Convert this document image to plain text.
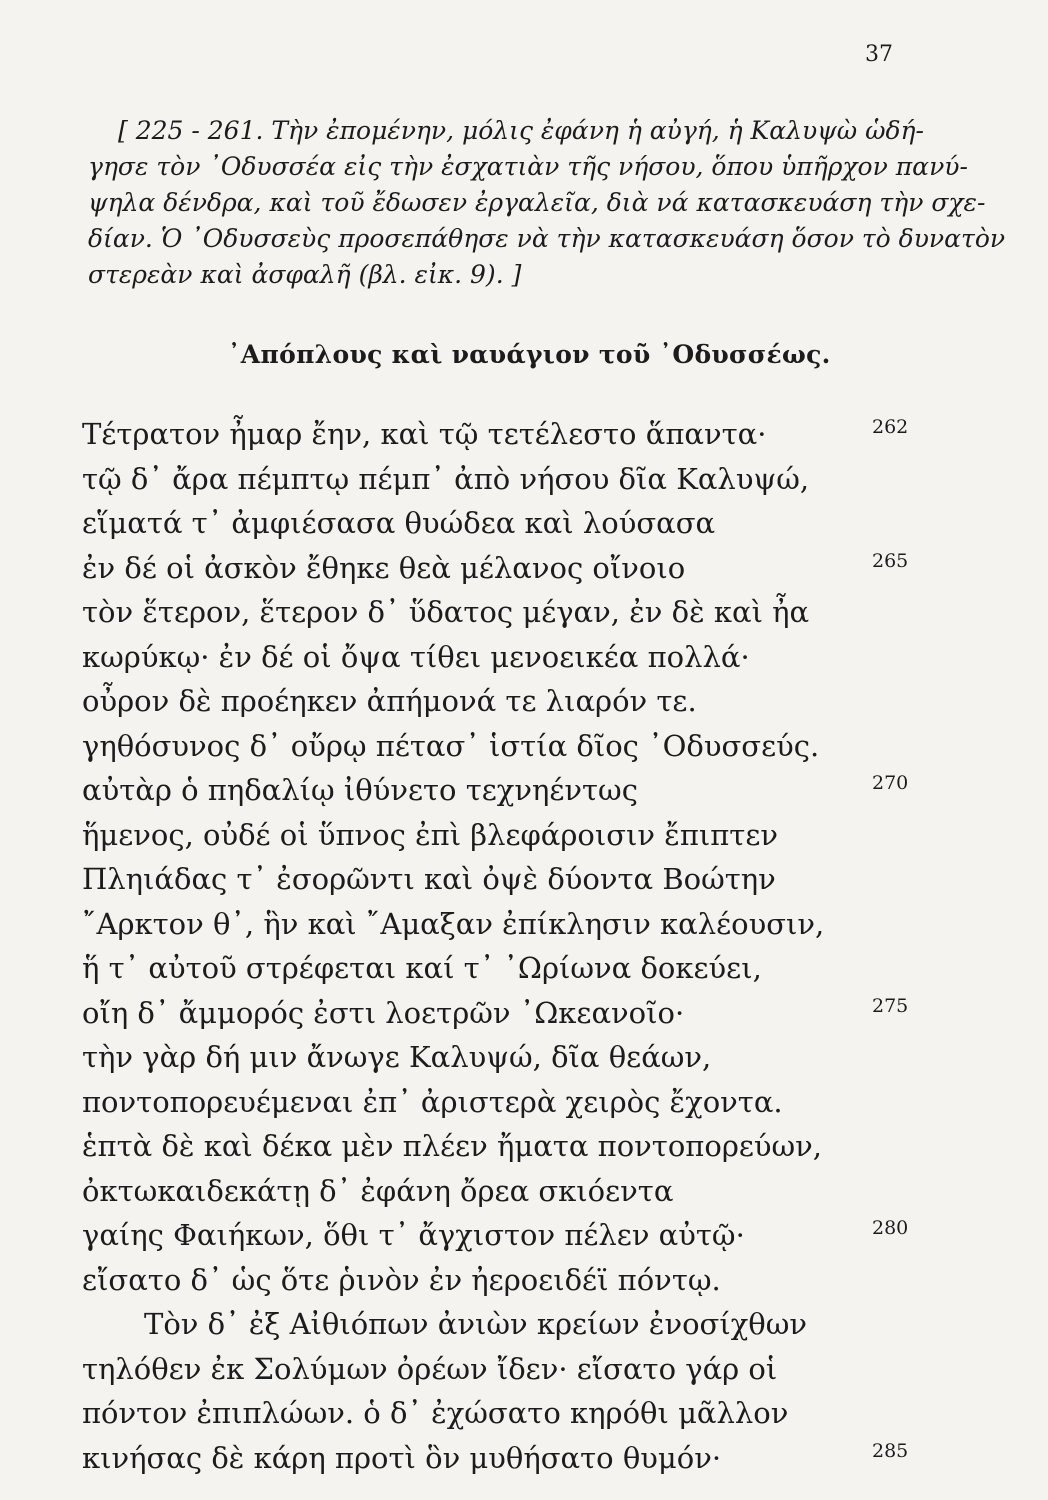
37
[ 225 - 261. Τὴν ἐπομένην, μόλις ἐφάνη ἡ αὐγή, ἡ Καλυψὼ ὡδή-
γησε τὸν ᾿Οδυσσέα εἰς τὴν ἐσχατιὰν τῆς νήσου, ὅπου ὑπῆρχον πανύ-
ψηλα δένδρα, καὶ τοῦ ἔδωσεν ἐργαλεῖα, διὰ νά κατασκευάση τὴν σχε-
δίαν. Ὁ ᾿Οδυσσεὺς προσεπάθησε νὰ τὴν κατασκευάση ὅσον τὸ δυνατὸν
στερεὰν καὶ ἀσφαλῆ (βλ. εἰκ. 9). ]
᾿Απόπλους καὶ ναυάγιον τοῦ ᾿Οδυσσέως.
Τέτρατον ἦμαρ ἔην, καὶ τῷ τετέλεστο ἅπαντα·	262
τῷ δ᾿ ἄρα πέμπτῳ πέμπ᾿ ἀπὸ νήσου δῖα Καλυψώ,
εἵματά τ᾿ ἀμφιέσασα θυώδεα καὶ λούσασα
ἐν δέ οἱ ἀσκὸν ἔθηκε θεὰ μέλανος οἴνοιο	265
τὸν ἕτερον, ἕτερον δ᾿ ὕδατος μέγαν, ἐν δὲ καὶ ἦα
κωρύκῳ· ἐν δέ οἱ ὄψα τίθει μενοεικέα πολλά·
οὖρον δὲ προέηκεν ἀπήμονά τε λιαρόν τε.
γηθόσυνος δ᾿ οὔρῳ πέτασ᾿ ἱστία δῖος ᾿Οδυσσεύς.
αὐτὰρ ὁ πηδαλίῳ ἰθύνετο τεχνηέντως	270
ἥμενος, οὐδέ οἱ ὕπνος ἐπὶ βλεφάροισιν ἔπιπτεν
Πληιάδας τ᾿ ἐσορῶντι καὶ ὀψὲ δύοντα Βοώτην
῎Αρκτον θ᾿, ἣν καὶ ῎Αμαξαν ἐπίκλησιν καλέουσιν,
ἥ τ᾿ αὐτοῦ στρέφεται καί τ᾿ ᾿Ωρίωνα δοκεύει,
οἴη δ᾿ ἄμμορός ἐστι λοετρῶν ᾿Ωκεανοῖο·	275
τὴν γὰρ δή μιν ἄνωγε Καλυψώ, δῖα θεάων,
ποντοπορευέμεναι ἐπ᾿ ἀριστερὰ χειρὸς ἔχοντα.
ἑπτὰ δὲ καὶ δέκα μὲν πλέεν ἤματα ποντοπορεύων,
ὀκτωκαιδεκάτῃ δ᾿ ἐφάνη ὄρεα σκιόεντα
γαίης Φαιήκων, ὅθι τ᾿ ἄγχιστον πέλεν αὐτῷ·	280
εἴσατο δ᾿ ὡς ὅτε ῥινὸν ἐν ἠεροειδέϊ πόντῳ.
Τὸν δ᾿ ἐξ Αἰθιόπων ἀνιὼν κρείων ἐνοσίχθων
τηλόθεν ἐκ Σολύμων ὀρέων ἴδεν· εἴσατο γάρ οἱ
πόντον ἐπιπλώων. ὁ δ᾿ ἐχώσατο κηρόθι μᾶλλον
κινήσας δὲ κάρη προτὶ ὃν μυθήσατο θυμόν·	285
